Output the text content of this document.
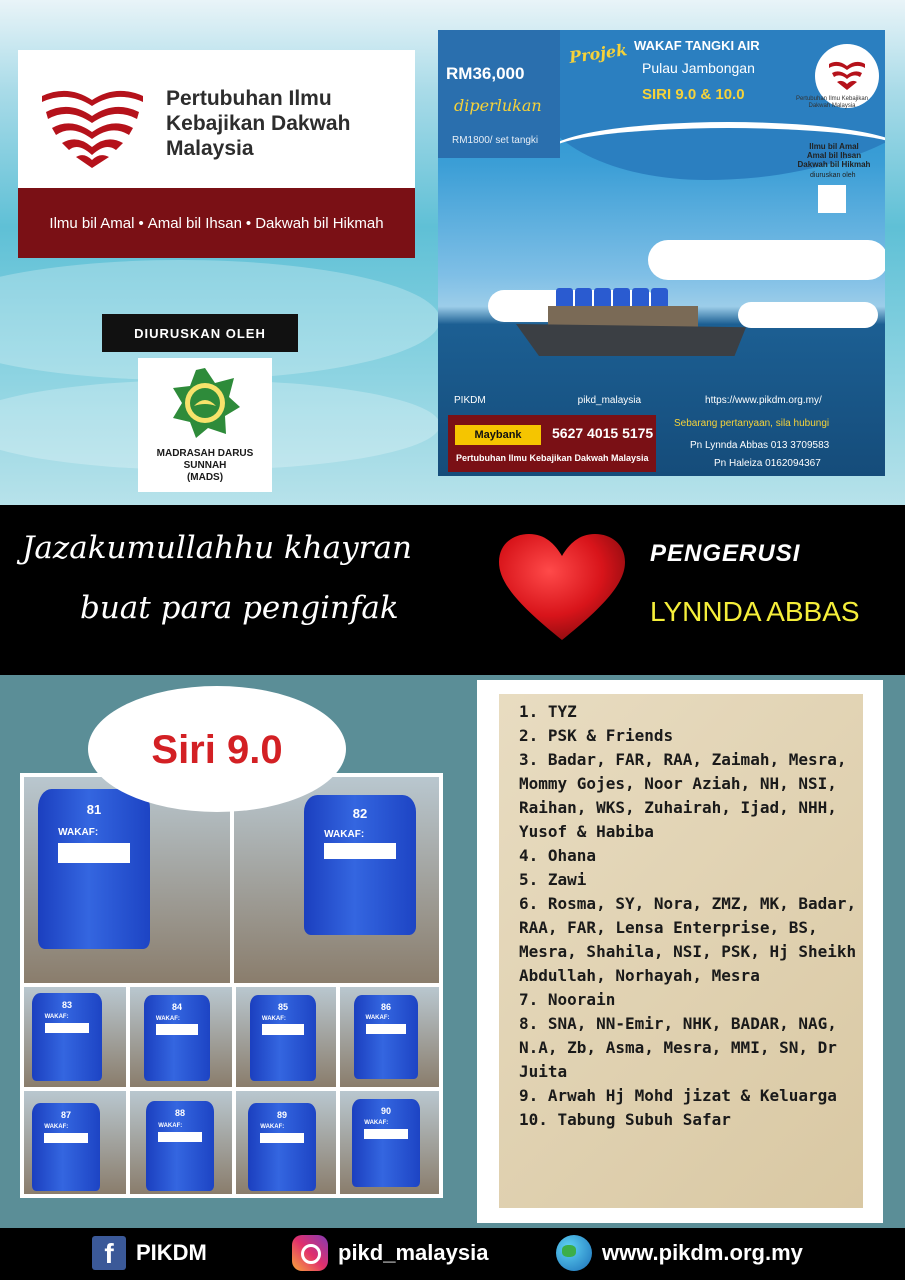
Pertubuhan Ilmu
Kebajikan Dakwah
Malaysia
Ilmu bil Amal • Amal bil Ihsan • Dakwah bil Hikmah
DIURUSKAN OLEH
MADRASAH DARUS SUNNAH
(MADS)
RM36,000
diperlukan
RM1800/ set tangki
Projek WAKAF TANGKI AIR
Pulau Jambongan
SIRI 9.0 & 10.0	Pertubuhan Ilmu Kebajikan Dakwah Malaysia
Ilmu bil Amal
Amal bil Ihsan
Dakwah bil Hikmah
diuruskan oleh
PIKDM	pikd_malaysia	https://www.pikdm.org.my/
Maybank	5627 4015 5175
Pertubuhan Ilmu Kebajikan Dakwah Malaysia
Sebarang pertanyaan, sila hubungi
Pn Lynnda Abbas 013 3709583
Pn Haleiza 0162094367
Jazakumullahhu khayran
buat para penginfak
PENGERUSI
LYNNDA ABBAS
81
WAKAF:
82
WAKAF:
83
WAKAF:
84
WAKAF:
85
WAKAF:
86
WAKAF:
87
WAKAF:
88
WAKAF:
89
WAKAF:
90
WAKAF:
Siri 9.0
1. TYZ
2. PSK & Friends
3. Badar, FAR, RAA, Zaimah, Mesra, Mommy Gojes, Noor Aziah, NH, NSI, Raihan, WKS, Zuhairah, Ijad, NHH, Yusof & Habiba
4. Ohana
5. Zawi
6. Rosma, SY, Nora, ZMZ, MK, Badar, RAA, FAR, Lensa Enterprise, BS, Mesra, Shahila, NSI, PSK, Hj Sheikh Abdullah, Norhayah, Mesra
7. Noorain
8. SNA, NN-Emir, NHK, BADAR, NAG, N.A, Zb, Asma, Mesra, MMI, SN, Dr Juita
9. Arwah Hj Mohd jizat & Keluarga
10. Tabung Subuh Safar
f	PIKDM	pikd_malaysia	www.pikdm.org.my
